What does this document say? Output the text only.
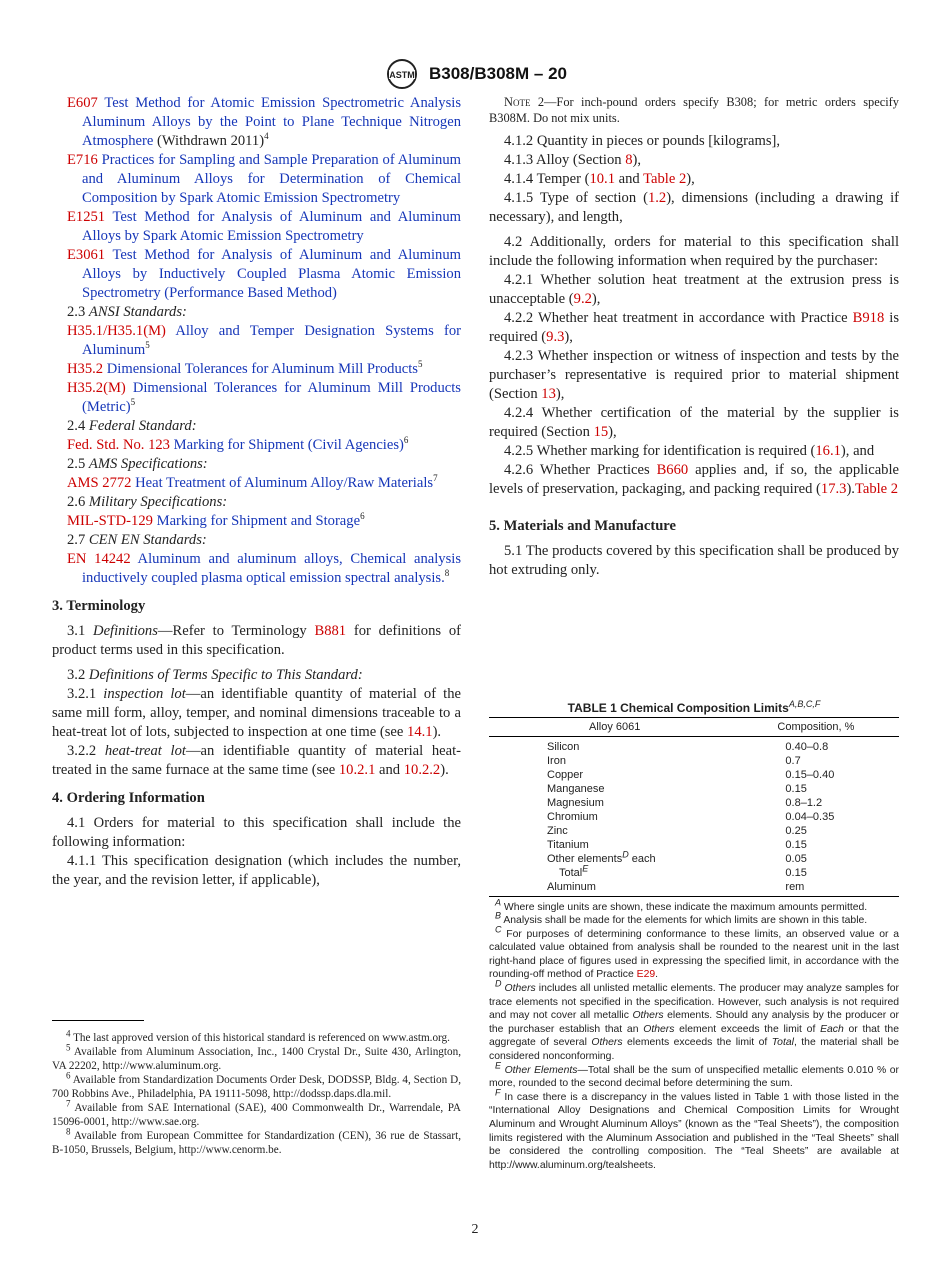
ASTM B308/B308M – 20

E607 Test Method for Atomic Emission Spectrometric Analysis Aluminum Alloys by the Point to Plane Technique Nitrogen Atmosphere (Withdrawn 2011)$^4$

E716 Practices for Sampling and Sample Preparation of Aluminum and Aluminum Alloys for Determination of Chemical Composition by Spark Atomic Emission Spectrometry

E1251 Test Method for Analysis of Aluminum and Aluminum Alloys by Spark Atomic Emission Spectrometry

E3061 Test Method for Analysis of Aluminum and Aluminum Alloys by Inductively Coupled Plasma Atomic Emission Spectrometry (Performance Based Method)

2.3 ANSI Standards:

H35.1/H35.1(M) Alloy and Temper Designation Systems for Aluminum$^5$

H35.2 Dimensional Tolerances for Aluminum Mill Products$^5$

H35.2(M) Dimensional Tolerances for Aluminum Mill Products (Metric)$^5$

2.4 Federal Standard:

Fed. Std. No. 123 Marking for Shipment (Civil Agencies)$^6$

2.5 AMS Specifications:

AMS 2772 Heat Treatment of Aluminum Alloy/Raw Materials$^7$

2.6 Military Specifications:

MIL-STD-129 Marking for Shipment and Storage$^6$

2.7 CEN EN Standards:

EN 14242 Aluminum and aluminum alloys, Chemical analysis inductively coupled plasma optical emission spectral analysis.$^8$

3. Terminology

3.1 Definitions—Refer to Terminology B881 for definitions of product terms used in this specification.

3.2 Definitions of Terms Specific to This Standard:

3.2.1 inspection lot—an identifiable quantity of material of the same mill form, alloy, temper, and nominal dimensions traceable to a heat-treat lot of lots, subjected to inspection at one time (see 14.1).

3.2.2 heat-treat lot—an identifiable quantity of material heat-treated in the same furnace at the same time (see 10.2.1 and 10.2.2).

4. Ordering Information

4.1 Orders for material to this specification shall include the following information:

4.1.1 This specification designation (which includes the number, the year, and the revision letter, if applicable),

$^4$ The last approved version of this historical standard is referenced on www.astm.org.

$^5$ Available from Aluminum Association, Inc., 1400 Crystal Dr., Suite 430, Arlington, VA 22202, http://www.aluminum.org.

$^6$ Available from Standardization Documents Order Desk, DODSSP, Bldg. 4, Section D, 700 Robbins Ave., Philadelphia, PA 19111-5098, http://dodssp.daps.dla.mil.

$^7$ Available from SAE International (SAE), 400 Commonwealth Dr., Warrendale, PA 15096-0001, http://www.sae.org.

$^8$ Available from European Committee for Standardization (CEN), 36 rue de Stassart, B-1050, Brussels, Belgium, http://www.cenorm.be.

Note 2—For inch-pound orders specify B308; for metric orders specify B308M. Do not mix units.

4.1.2 Quantity in pieces or pounds [kilograms],

4.1.3 Alloy (Section 8),

4.1.4 Temper (10.1 and Table 2),

4.1.5 Type of section (1.2), dimensions (including a drawing if necessary), and length,

4.2 Additionally, orders for material to this specification shall include the following information when required by the purchaser:

4.2.1 Whether solution heat treatment at the extrusion press is unacceptable (9.2),

4.2.2 Whether heat treatment in accordance with Practice B918 is required (9.3),

4.2.3 Whether inspection or witness of inspection and tests by the purchaser’s representative is required prior to material shipment (Section 13),

4.2.4 Whether certification of the material by the supplier is required (Section 15),

4.2.5 Whether marking for identification is required (16.1), and

4.2.6 Whether Practices B660 applies and, if so, the applicable levels of preservation, packaging, and packing required (17.3).Table 2

5. Materials and Manufacture

5.1 The products covered by this specification shall be produced by hot extruding only.

TABLE 1 Chemical Composition Limits$^{A,B,C,F}$
Alloy 6061	Composition, %

Silicon	0.40–0.8
Iron	0.7
Copper	0.15–0.40
Manganese	0.15
Magnesium	0.8–1.2
Chromium	0.04–0.35
Zinc	0.25
Titanium	0.15
Other elements$^D$ each	0.05
Total$^E$	0.15
Aluminum	rem

$^A$ Where single units are shown, these indicate the maximum amounts permitted.

$^B$ Analysis shall be made for the elements for which limits are shown in this table.

$^C$ For purposes of determining conformance to these limits, an observed value or a calculated value obtained from analysis shall be rounded to the nearest unit in the last right-hand place of figures used in expressing the specified limit, in accordance with the rounding-off method of Practice E29.

$^D$ Others includes all unlisted metallic elements. The producer may analyze samples for trace elements not specified in the specification. However, such analysis is not required and may not cover all metallic Others elements. Should any analysis by the producer or the purchaser establish that an Others element exceeds the limit of Each or that the aggregate of several Others elements exceeds the limit of Total, the material shall be considered nonconforming.

$^E$ Other Elements—Total shall be the sum of unspecified metallic elements 0.010 % or more, rounded to the second decimal before determining the sum.

$^F$ In case there is a discrepancy in the values listed in Table 1 with those listed in the “International Alloy Designations and Chemical Composition Limits for Wrought Aluminum and Wrought Aluminum Alloys” (known as the “Teal Sheets”), the composition limits registered with the Aluminum Association and published in the “Teal Sheets” shall be considered the controlling composition. The “Teal Sheets” are available at http://www.aluminum.org/tealsheets.

2
